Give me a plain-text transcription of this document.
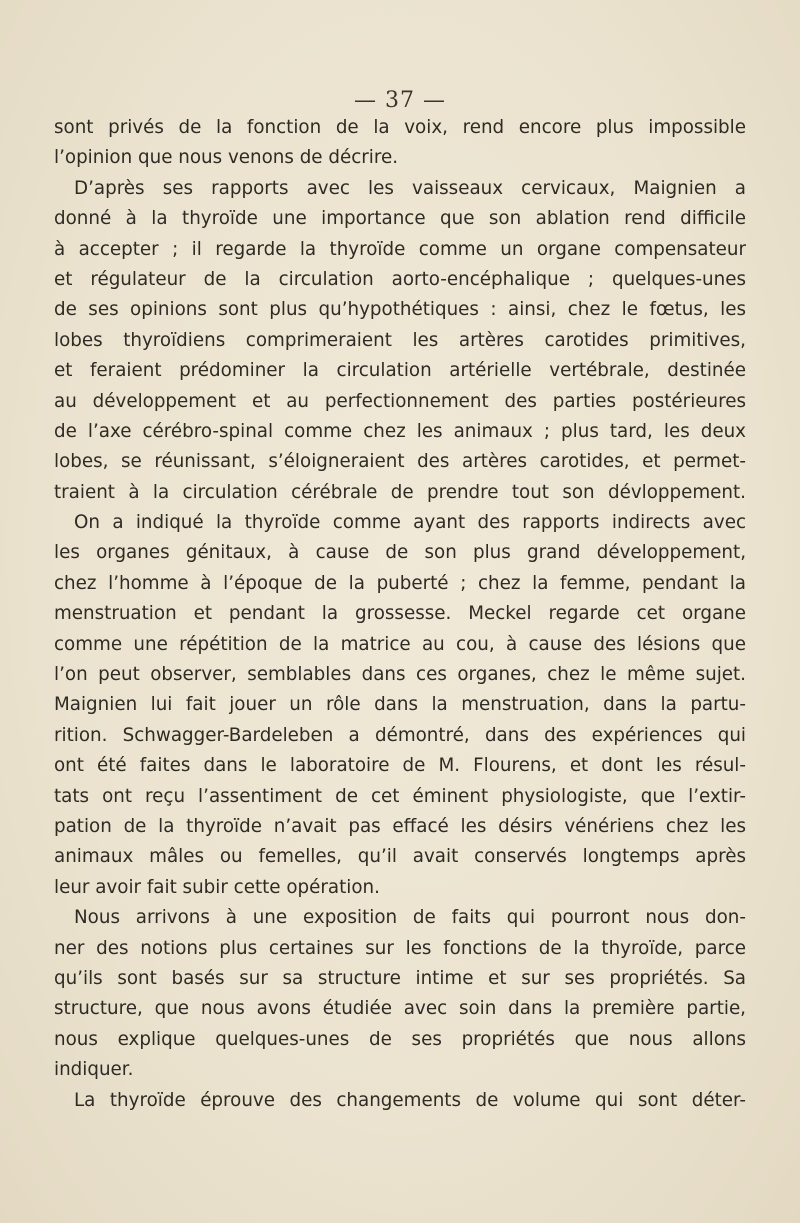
— 37 —
sont privés de la fonction de la voix, rend encore plus impossible
l’opinion que nous venons de décrire.
D’après ses rapports avec les vaisseaux cervicaux, Maignien a
donné à la thyroïde une importance que son ablation rend difficile
à accepter ; il regarde la thyroïde comme un organe compensateur
et régulateur de la circulation aorto-encéphalique ; quelques-unes
de ses opinions sont plus qu’hypothétiques : ainsi, chez le fœtus, les
lobes thyroïdiens comprimeraient les artères carotides primitives,
et feraient prédominer la circulation artérielle vertébrale, destinée
au développement et au perfectionnement des parties postérieures
de l’axe cérébro-spinal comme chez les animaux ; plus tard, les deux
lobes, se réunissant, s’éloigneraient des artères carotides, et permet-
traient à la circulation cérébrale de prendre tout son dévloppement.
On a indiqué la thyroïde comme ayant des rapports indirects avec
les organes génitaux, à cause de son plus grand développement,
chez l’homme à l’époque de la puberté ; chez la femme, pendant la
menstruation et pendant la grossesse. Meckel regarde cet organe
comme une répétition de la matrice au cou, à cause des lésions que
l’on peut observer, semblables dans ces organes, chez le même sujet.
Maignien lui fait jouer un rôle dans la menstruation, dans la partu-
rition. Schwagger-Bardeleben a démontré, dans des expériences qui
ont été faites dans le laboratoire de M. Flourens, et dont les résul-
tats ont reçu l’assentiment de cet éminent physiologiste, que l’extir-
pation de la thyroïde n’avait pas effacé les désirs vénériens chez les
animaux mâles ou femelles, qu’il avait conservés longtemps après
leur avoir fait subir cette opération.
Nous arrivons à une exposition de faits qui pourront nous don-
ner des notions plus certaines sur les fonctions de la thyroïde, parce
qu’ils sont basés sur sa structure intime et sur ses propriétés. Sa
structure, que nous avons étudiée avec soin dans la première partie,
nous explique quelques-unes de ses propriétés que nous allons
indiquer.
La thyroïde éprouve des changements de volume qui sont déter-
